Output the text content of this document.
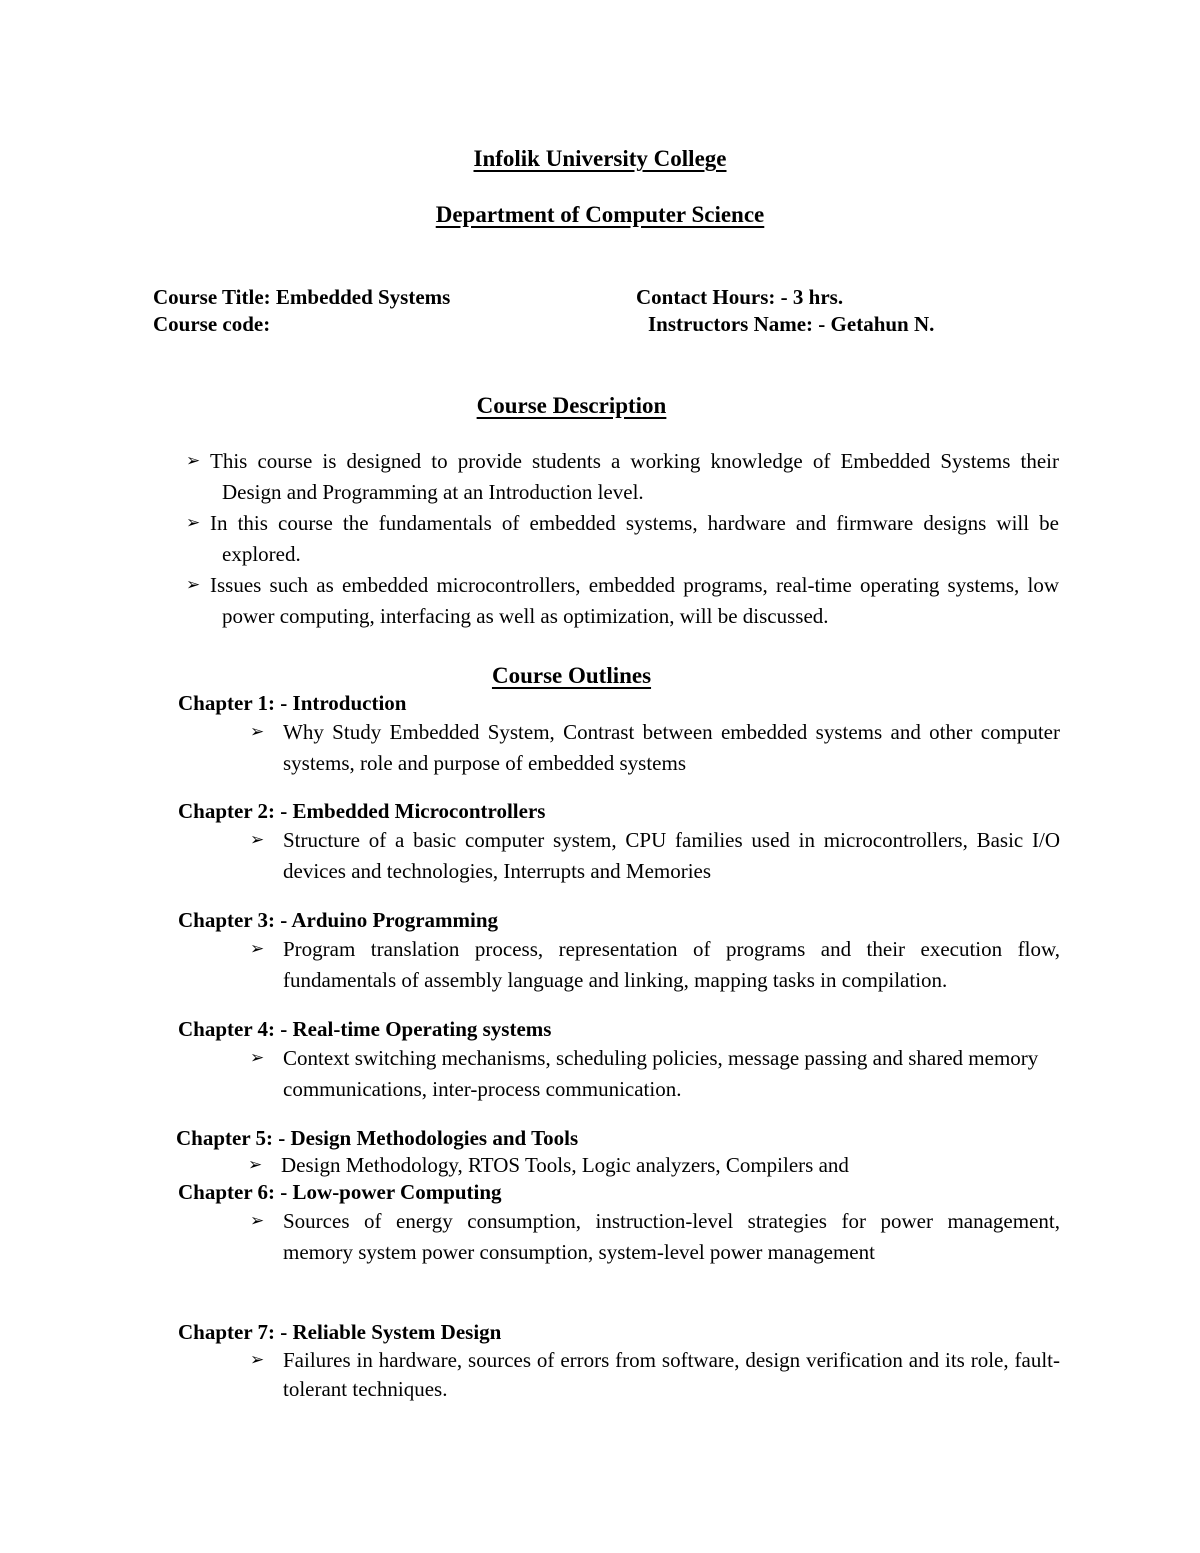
Infolik University College
Department of Computer Science
Course Title: Embedded Systems	Contact Hours: - 3 hrs.
Course code:	Instructors Name: - Getahun N.
Course Description
➢ This course is designed to provide students a working knowledge of Embedded Systems their Design and Programming at an Introduction level.
➢ In this course the fundamentals of embedded systems, hardware and firmware designs will be explored.
➢ Issues such as embedded microcontrollers, embedded programs, real-time operating systems, low power computing, interfacing as well as optimization, will be discussed.
Course Outlines
Chapter 1: - Introduction
➢ Why Study Embedded System, Contrast between embedded systems and other computer systems, role and purpose of embedded systems
Chapter 2: - Embedded Microcontrollers
➢ Structure of a basic computer system, CPU families used in microcontrollers, Basic I/O devices and technologies, Interrupts and Memories
Chapter 3: - Arduino Programming
➢ Program translation process, representation of programs and their execution flow, fundamentals of assembly language and linking, mapping tasks in compilation.
Chapter 4: - Real-time Operating systems
➢ Context switching mechanisms, scheduling policies, message passing and shared memory communications, inter-process communication.
Chapter 5: - Design Methodologies and Tools
➢ Design Methodology, RTOS Tools, Logic analyzers, Compilers and
Chapter 6: - Low-power Computing
➢ Sources of energy consumption, instruction-level strategies for power management, memory system power consumption, system-level power management
Chapter 7: - Reliable System Design
➢ Failures in hardware, sources of errors from software, design verification and its role, fault-tolerant techniques.
